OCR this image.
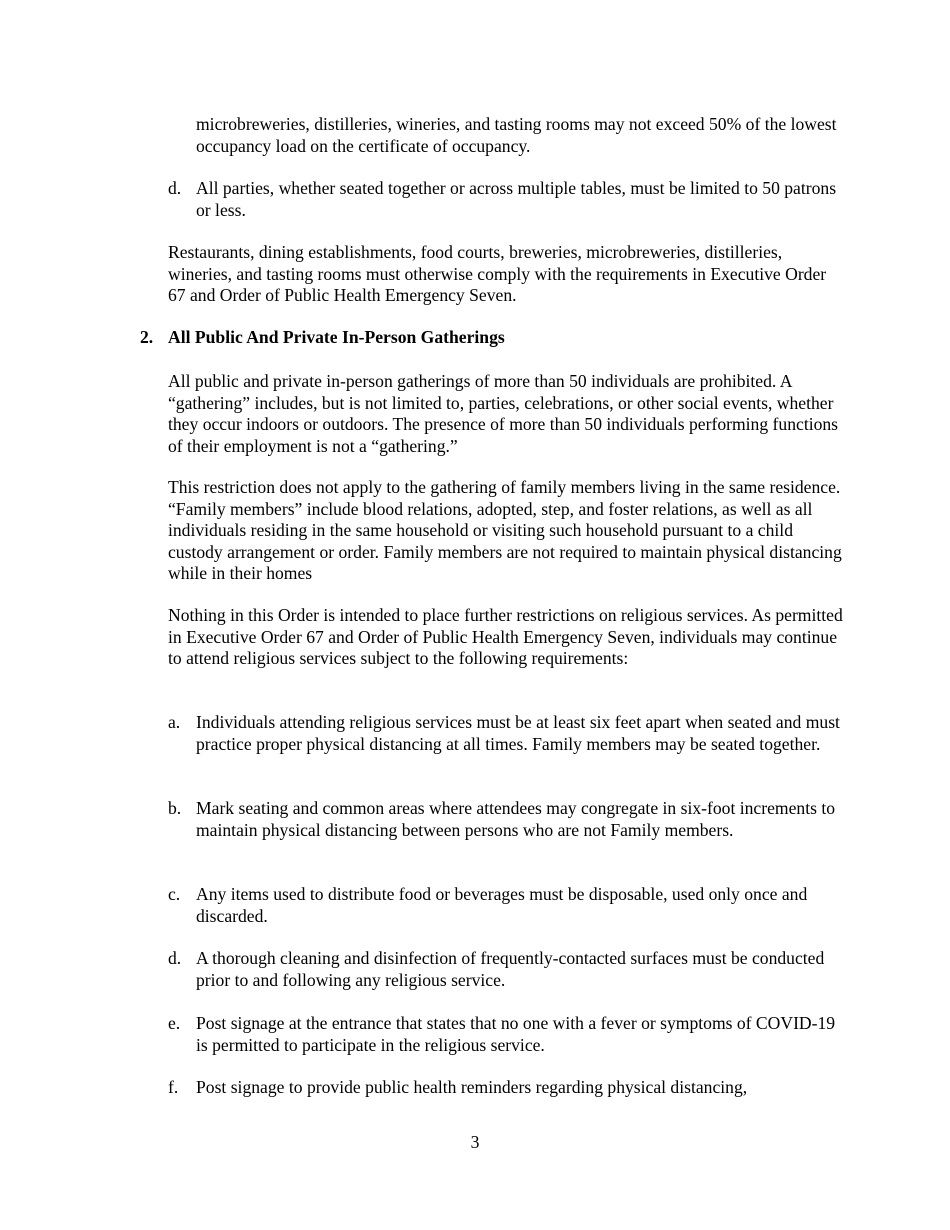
microbreweries, distilleries, wineries, and tasting rooms may not exceed 50% of the lowest occupancy load on the certificate of occupancy.

d. All parties, whether seated together or across multiple tables, must be limited to 50 patrons or less.

Restaurants, dining establishments, food courts, breweries, microbreweries, distilleries, wineries, and tasting rooms must otherwise comply with the requirements in Executive Order 67 and Order of Public Health Emergency Seven.

2. All Public And Private In-Person Gatherings

All public and private in-person gatherings of more than 50 individuals are prohibited. A “gathering” includes, but is not limited to, parties, celebrations, or other social events, whether they occur indoors or outdoors. The presence of more than 50 individuals performing functions of their employment is not a “gathering.”

This restriction does not apply to the gathering of family members living in the same residence. “Family members” include blood relations, adopted, step, and foster relations, as well as all individuals residing in the same household or visiting such household pursuant to a child custody arrangement or order. Family members are not required to maintain physical distancing while in their homes

Nothing in this Order is intended to place further restrictions on religious services. As permitted in Executive Order 67 and Order of Public Health Emergency Seven, individuals may continue to attend religious services subject to the following requirements:

a. Individuals attending religious services must be at least six feet apart when seated and must practice proper physical distancing at all times. Family members may be seated together.
b. Mark seating and common areas where attendees may congregate in six-foot increments to maintain physical distancing between persons who are not Family members.
c. Any items used to distribute food or beverages must be disposable, used only once and discarded.
d. A thorough cleaning and disinfection of frequently-contacted surfaces must be conducted prior to and following any religious service.
e. Post signage at the entrance that states that no one with a fever or symptoms of COVID-19 is permitted to participate in the religious service.
f.	Post signage to provide public health reminders regarding physical distancing,
3
